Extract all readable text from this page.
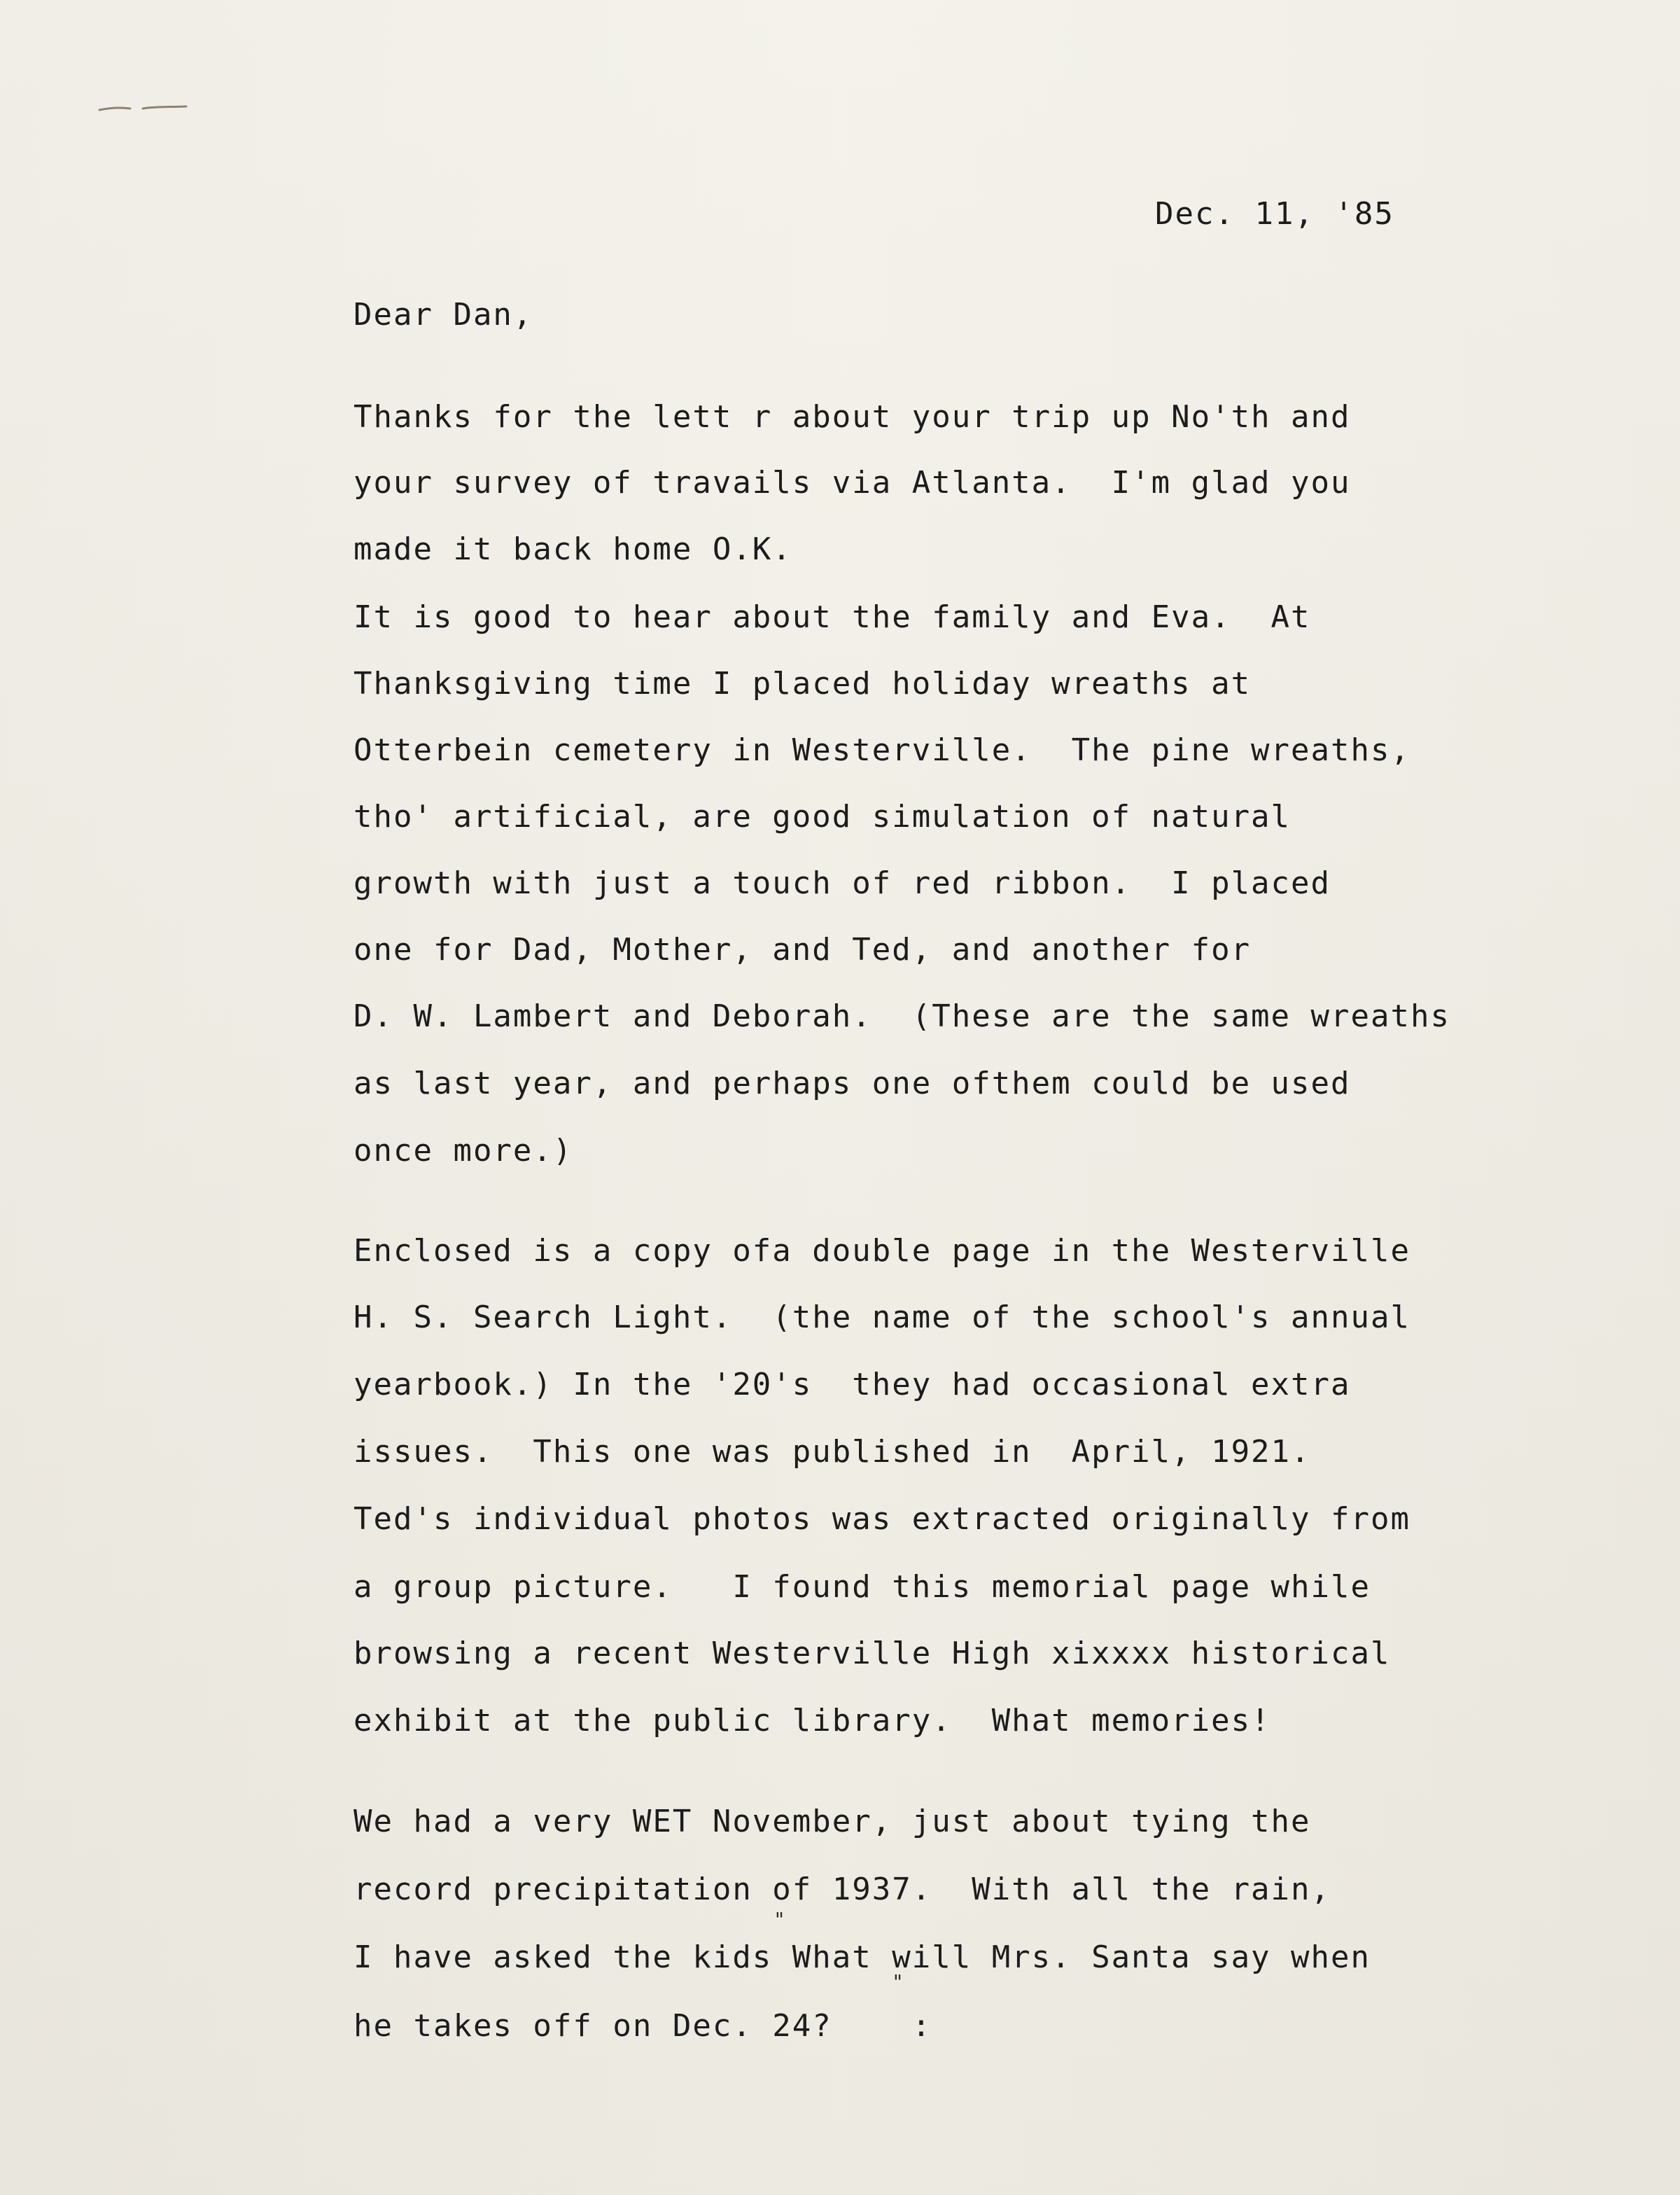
Dec. 11, '85
Dear Dan,
Thanks for the lett r about your trip up No'th and
your survey of travails via Atlanta.  I'm glad you
made it back home O.K.
It is good to hear about the family and Eva.  At
Thanksgiving time I placed holiday wreaths at
Otterbein cemetery in Westerville.  The pine wreaths,
tho' artificial, are good simulation of natural
growth with just a touch of red ribbon.  I placed
one for Dad, Mother, and Ted, and another for
D. W. Lambert and Deborah.  (These are the same wreaths
as last year, and perhaps one ofthem could be used
once more.)
Enclosed is a copy ofa double page in the Westerville
H. S. Search Light.  (the name of the school's annual
yearbook.) In the '20's  they had occasional extra
issues.  This one was published in  April, 1921.
Ted's individual photos was extracted originally from
a group picture.   I found this memorial page while
browsing a recent Westerville High xixxxx historical
exhibit at the public library.  What memories!
We had a very WET November, just about tying the
record precipitation of 1937.  With all the rain,
"
I have asked the kids What will Mrs. Santa say when
"
he takes off on Dec. 24?    :
